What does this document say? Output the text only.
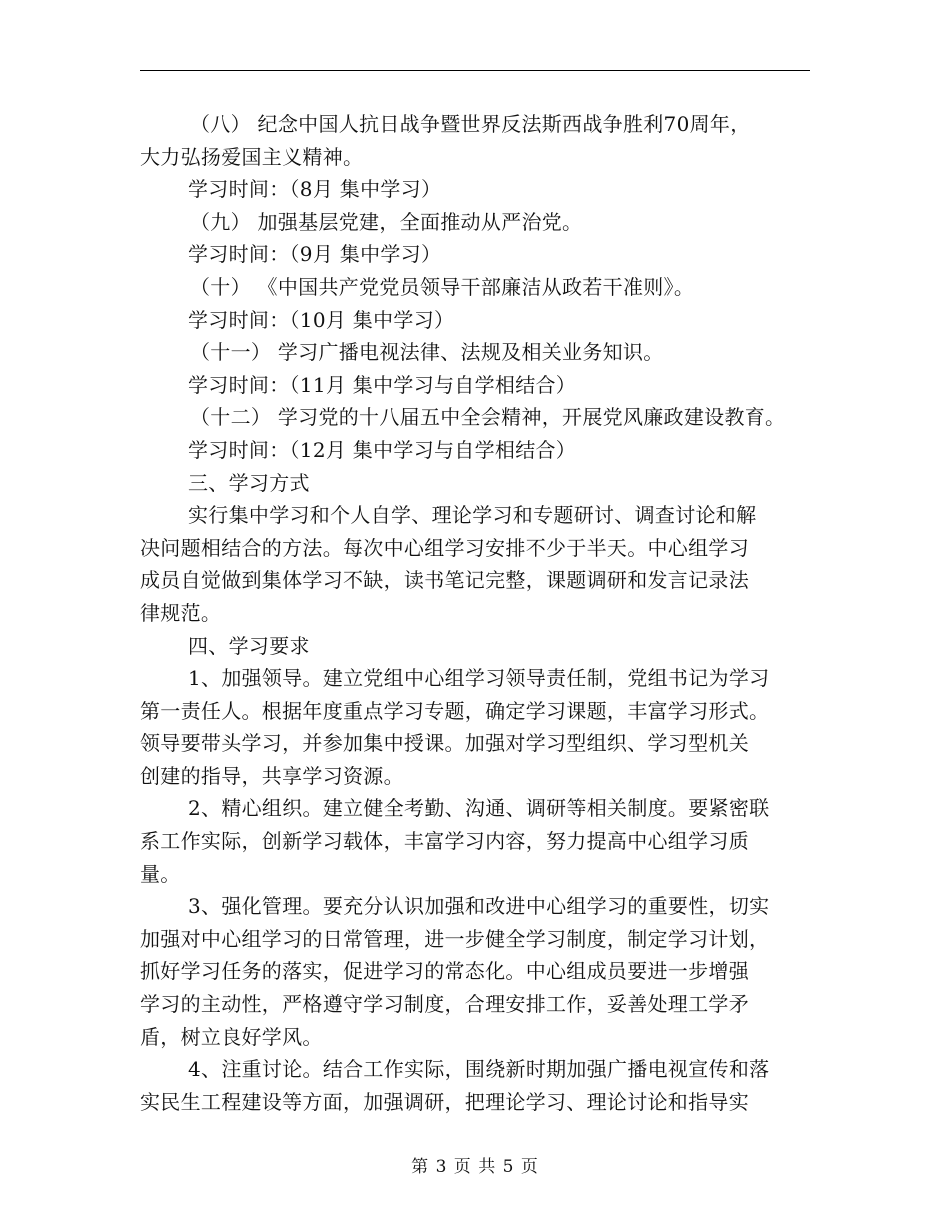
（八） 纪念中国人抗日战争暨世界反法斯西战争胜利70周年，
大力弘扬爱国主义精神。
学习时间：（8月 集中学习）
（九） 加强基层党建，全面推动从严治党。
学习时间：（9月 集中学习）
（十） 《中国共产党党员领导干部廉洁从政若干准则》。
学习时间：（10月 集中学习）
（十一） 学习广播电视法律、法规及相关业务知识。
学习时间：（11月 集中学习与自学相结合）
（十二） 学习党的十八届五中全会精神，开展党风廉政建设教育。
学习时间：（12月 集中学习与自学相结合）
三、学习方式
实行集中学习和个人自学、理论学习和专题研讨、调查讨论和解
决问题相结合的方法。每次中心组学习安排不少于半天。中心组学习
成员自觉做到集体学习不缺，读书笔记完整，课题调研和发言记录法
律规范。
四、学习要求
1、加强领导。建立党组中心组学习领导责任制，党组书记为学习
第一责任人。根据年度重点学习专题，确定学习课题，丰富学习形式。
领导要带头学习，并参加集中授课。加强对学习型组织、学习型机关
创建的指导，共享学习资源。
2、精心组织。建立健全考勤、沟通、调研等相关制度。要紧密联
系工作实际，创新学习载体，丰富学习内容，努力提高中心组学习质
量。
3、强化管理。要充分认识加强和改进中心组学习的重要性，切实
加强对中心组学习的日常管理，进一步健全学习制度，制定学习计划，
抓好学习任务的落实，促进学习的常态化。中心组成员要进一步增强
学习的主动性，严格遵守学习制度，合理安排工作，妥善处理工学矛
盾，树立良好学风。
4、注重讨论。结合工作实际，围绕新时期加强广播电视宣传和落
实民生工程建设等方面，加强调研，把理论学习、理论讨论和指导实
第 3 页 共 5 页
